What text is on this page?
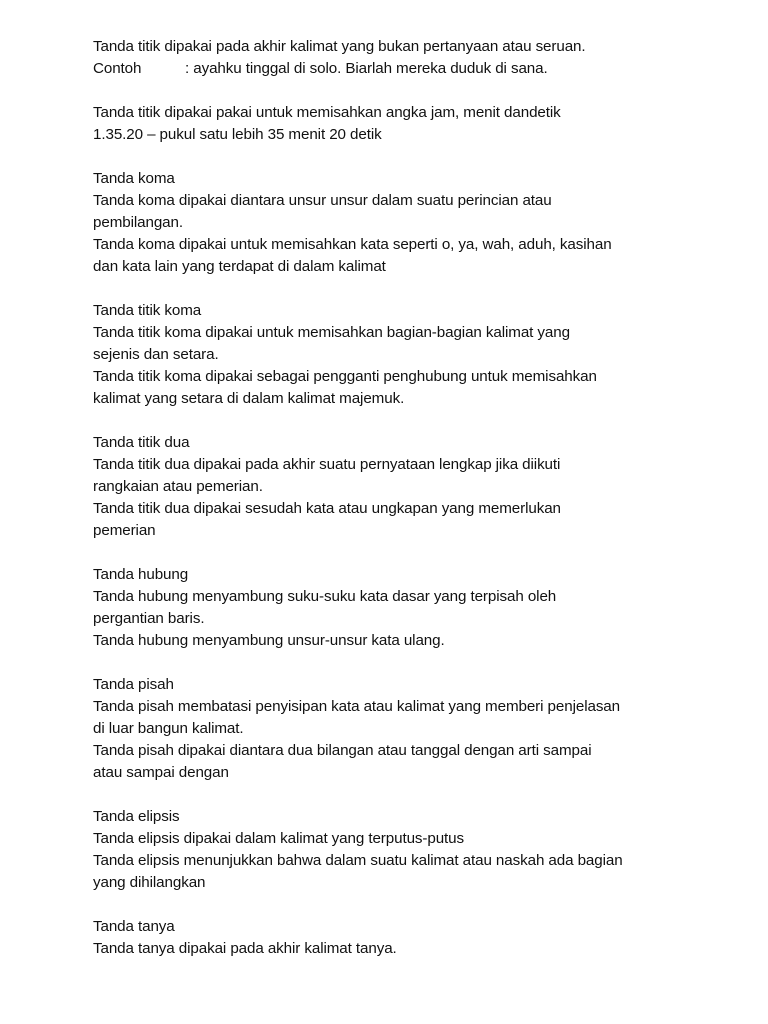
Tanda titik dipakai pada akhir kalimat yang bukan pertanyaan atau seruan.
Contoh	: ayahku tinggal di solo. Biarlah mereka duduk di sana.
Tanda titik dipakai pakai untuk memisahkan angka jam, menit dandetik
1.35.20 – pukul satu lebih 35 menit 20 detik
Tanda koma
Tanda koma dipakai diantara unsur unsur dalam suatu perincian atau
pembilangan.
Tanda koma dipakai untuk memisahkan kata seperti o, ya, wah, aduh, kasihan
dan kata lain yang terdapat di dalam kalimat
Tanda titik koma
Tanda titik koma dipakai untuk memisahkan bagian-bagian kalimat yang
sejenis dan setara.
Tanda titik koma dipakai sebagai pengganti penghubung untuk memisahkan
kalimat yang setara di dalam kalimat majemuk.
Tanda titik dua
Tanda titik dua dipakai pada akhir suatu pernyataan lengkap jika diikuti
rangkaian atau pemerian.
Tanda titik dua dipakai sesudah kata atau ungkapan yang memerlukan
pemerian
Tanda hubung
Tanda hubung menyambung suku-suku kata dasar yang terpisah oleh
pergantian baris.
Tanda hubung menyambung unsur-unsur kata ulang.
Tanda pisah
Tanda pisah membatasi penyisipan kata atau kalimat yang memberi penjelasan
di luar bangun kalimat.
Tanda pisah dipakai diantara dua bilangan atau tanggal dengan arti sampai
atau sampai dengan
Tanda elipsis
Tanda elipsis dipakai dalam kalimat yang terputus-putus
Tanda elipsis menunjukkan bahwa dalam suatu kalimat atau naskah ada bagian
yang dihilangkan
Tanda tanya
Tanda tanya dipakai pada akhir kalimat tanya.
